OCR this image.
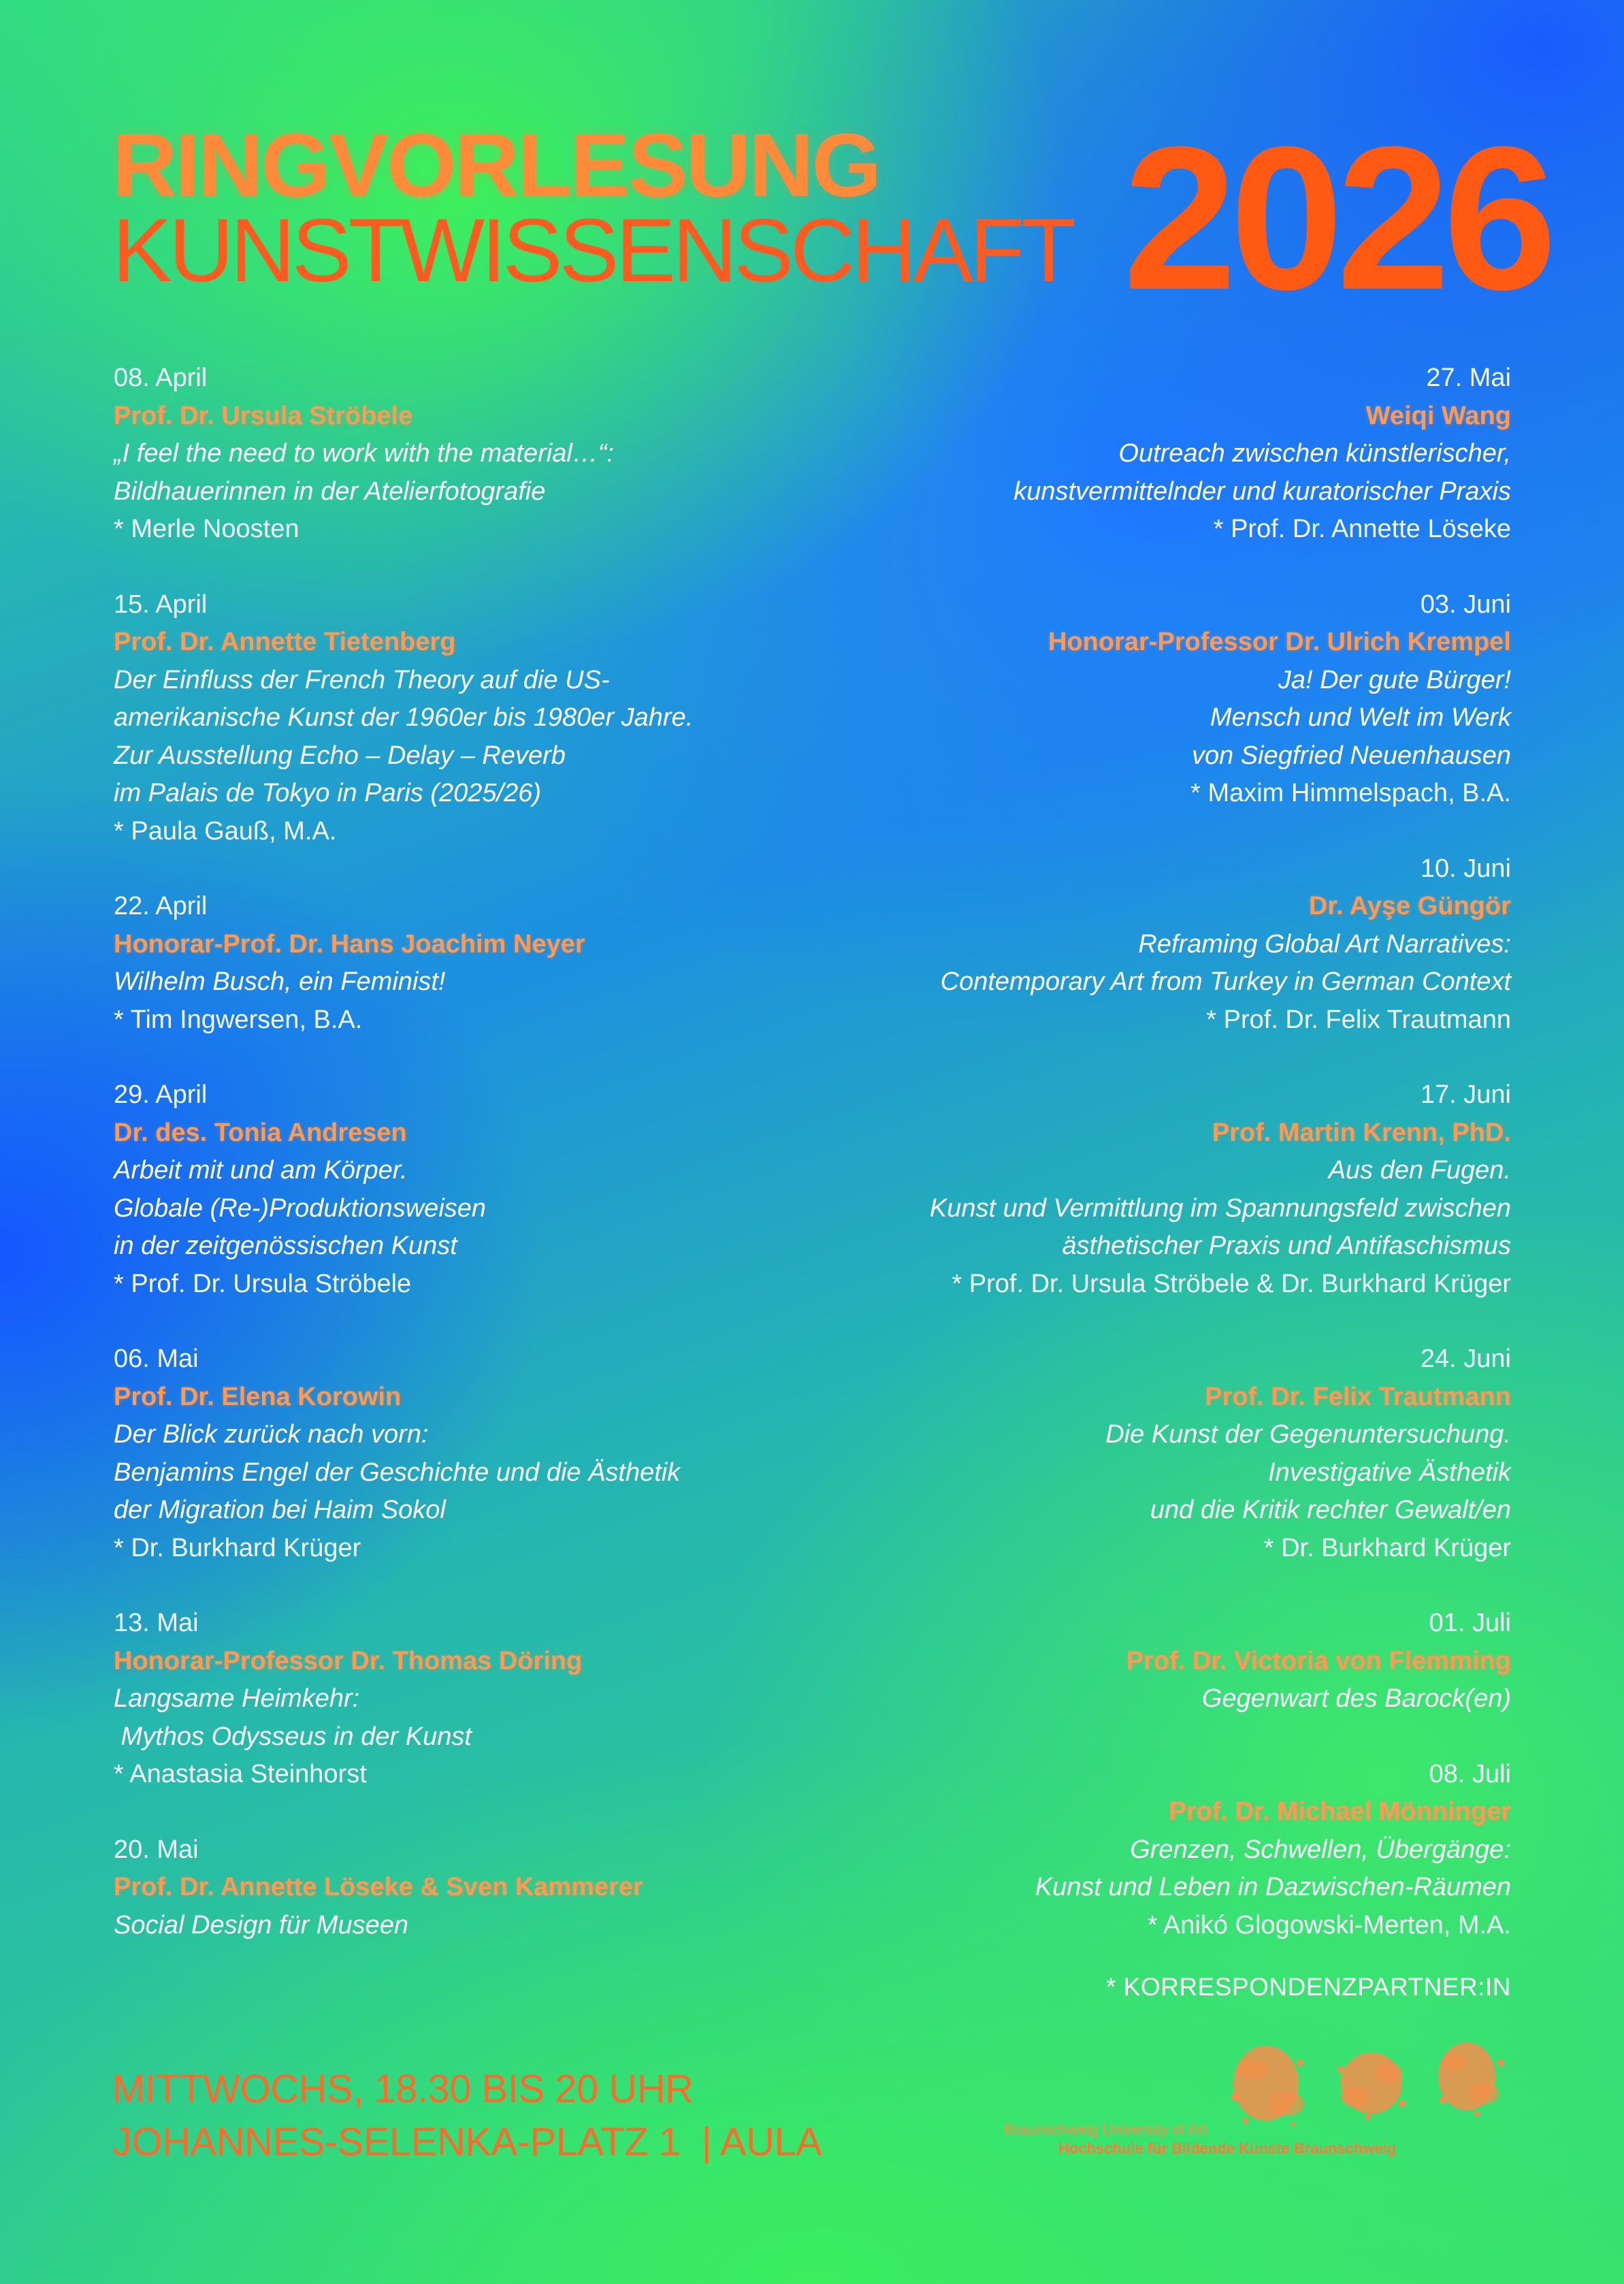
RINGVORLESUNG
KUNSTWISSENSCHAFT 2026
08. April
Prof. Dr. Ursula Ströbele
„I feel the need to work with the material…“:
Bildhauerinnen in der Atelierfotografie
* Merle Noosten
15. April
Prof. Dr. Annette Tietenberg
Der Einfluss der French Theory auf die US-
amerikanische Kunst der 1960er bis 1980er Jahre.
Zur Ausstellung Echo – Delay – Reverb
im Palais de Tokyo in Paris (2025/26)
* Paula Gauß, M.A.
22. April
Honorar-Prof. Dr. Hans Joachim Neyer
Wilhelm Busch, ein Feminist!
* Tim Ingwersen, B.A.
29. April
Dr. des. Tonia Andresen
Arbeit mit und am Körper.
Globale (Re-)Produktionsweisen
in der zeitgenössischen Kunst
* Prof. Dr. Ursula Ströbele
06. Mai
Prof. Dr. Elena Korowin
Der Blick zurück nach vorn:
Benjamins Engel der Geschichte und die Ästhetik
der Migration bei Haim Sokol
* Dr. Burkhard Krüger
13. Mai
Honorar-Professor Dr. Thomas Döring
Langsame Heimkehr:
Mythos Odysseus in der Kunst
* Anastasia Steinhorst
20. Mai
Prof. Dr. Annette Löseke & Sven Kammerer
Social Design für Museen
27. Mai
Weiqi Wang
Outreach zwischen künstlerischer,
kunstvermittelnder und kuratorischer Praxis
* Prof. Dr. Annette Löseke
03. Juni
Honorar-Professor Dr. Ulrich Krempel
Ja! Der gute Bürger!
Mensch und Welt im Werk
von Siegfried Neuenhausen
* Maxim Himmelspach, B.A.
10. Juni
Dr. Ayşe Güngör
Reframing Global Art Narratives:
Contemporary Art from Turkey in German Context
* Prof. Dr. Felix Trautmann
17. Juni
Prof. Martin Krenn, PhD.
Aus den Fugen.
Kunst und Vermittlung im Spannungsfeld zwischen
ästhetischer Praxis und Antifaschismus
* Prof. Dr. Ursula Ströbele & Dr. Burkhard Krüger
24. Juni
Prof. Dr. Felix Trautmann
Die Kunst der Gegenuntersuchung.
Investigative Ästhetik
und die Kritik rechter Gewalt/en
* Dr. Burkhard Krüger
01. Juli
Prof. Dr. Victoria von Flemming
Gegenwart des Barock(en)
08. Juli
Prof. Dr. Michael Mönninger
Grenzen, Schwellen, Übergänge:
Kunst und Leben in Dazwischen-Räumen
* Anikó Glogowski-Merten, M.A.
* KORRESPONDENZPARTNER:IN
MITTWOCHS, 18.30 BIS 20 UHR
JOHANNES-SELENKA-PLATZ 1  | AULA	Braunschweig University of Art
Hochschule für Bildende Künste Braunschweig
